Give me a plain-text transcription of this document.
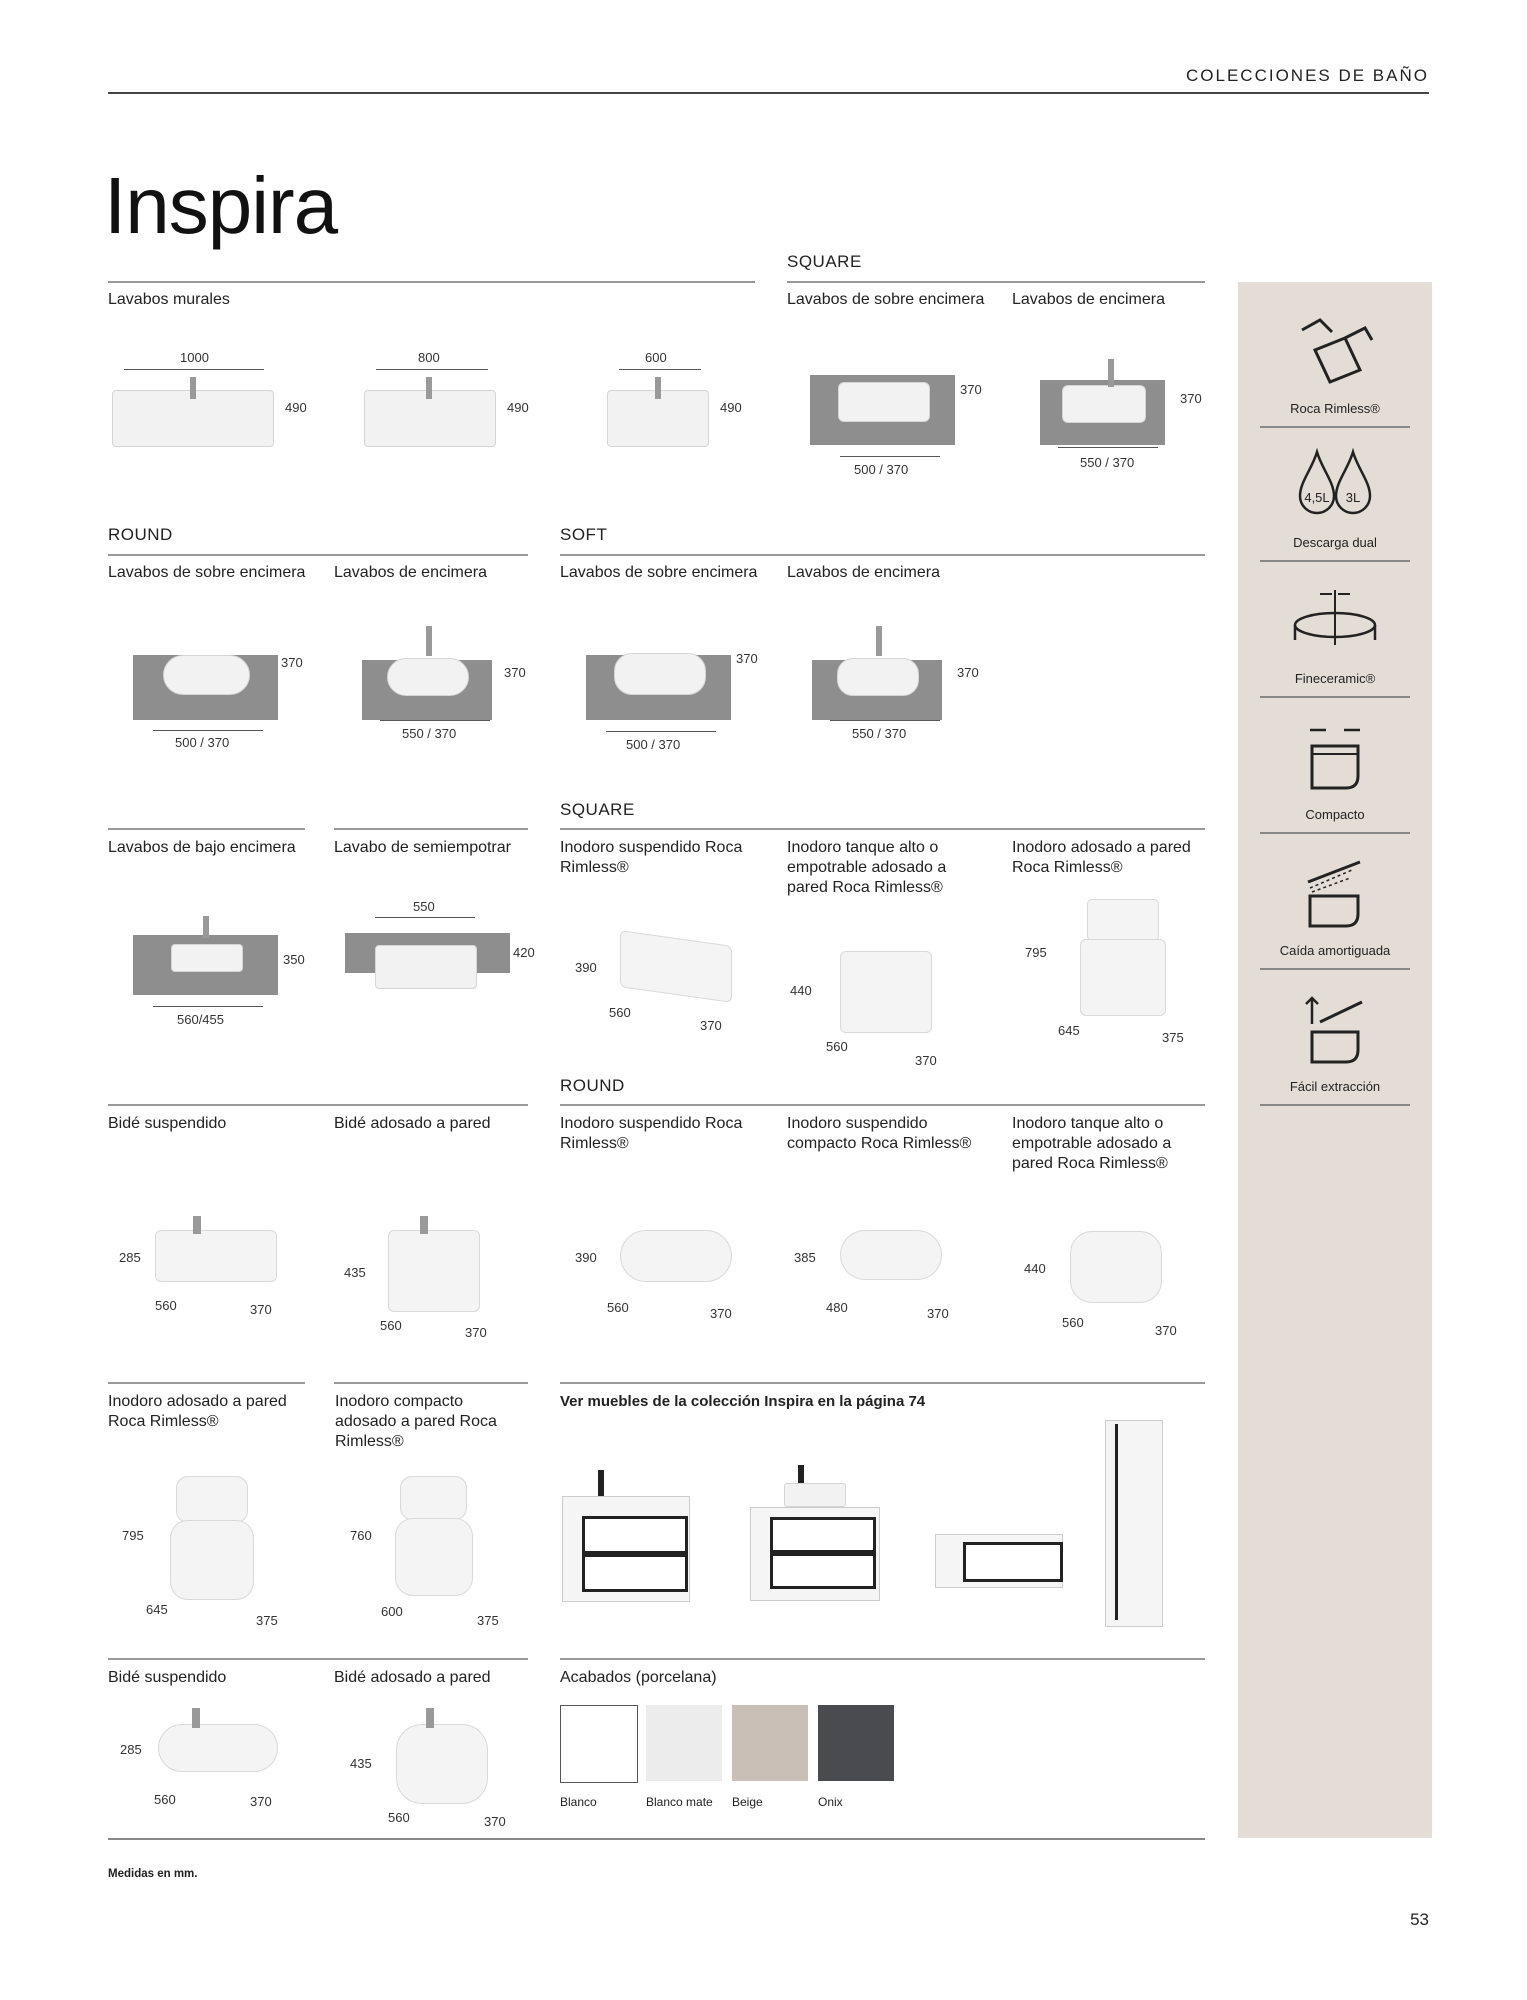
COLECCIONES DE BAÑO
Inspira
SQUARE
Lavabos murales
1000
490
800
490
600
490
Lavabos de sobre encimera Lavabos de encimera
370
500 / 370
370
550 / 370
ROUND	SOFT
Lavabos de sobre encimera Lavabos de encimera	Lavabos de sobre encimera Lavabos de encimera
370
500 / 370
370
550 / 370
370
500 / 370
370
550 / 370
SQUARE
Lavabos de bajo encimera	Lavabo de semiempotrar	Inodoro suspendido Roca Rimless®
Inodoro tanque alto o empotrable adosado a pared Roca Rimless®
Inodoro adosado a pared Roca Rimless®
350
560/455
550
420
390
560
370
440
560
370
795
645	375
ROUND
Bidé suspendido	Bidé adosado a pared	Inodoro suspendido Roca Rimless®
Inodoro suspendido compacto Roca Rimless®
Inodoro tanque alto o empotrable adosado a pared Roca Rimless®
285
560	370
435
560	370
390
560	370
385
480	370
440
560
370
Inodoro adosado a pared Roca Rimless®
Inodoro compacto adosado a pared Roca Rimless®
Ver muebles de la colección Inspira en la página 74
795
645
375
760
600
375
Bidé suspendido	Bidé adosado a pared	Acabados (porcelana)
285
560	370
435
560	370
Blanco	Blanco mate Beige	Onix
Medidas en mm.
53
Roca Rimless®
4,5L 3L
Descarga dual
Fineceramic®
Compacto
Caída amortiguada
Fácil extracción
